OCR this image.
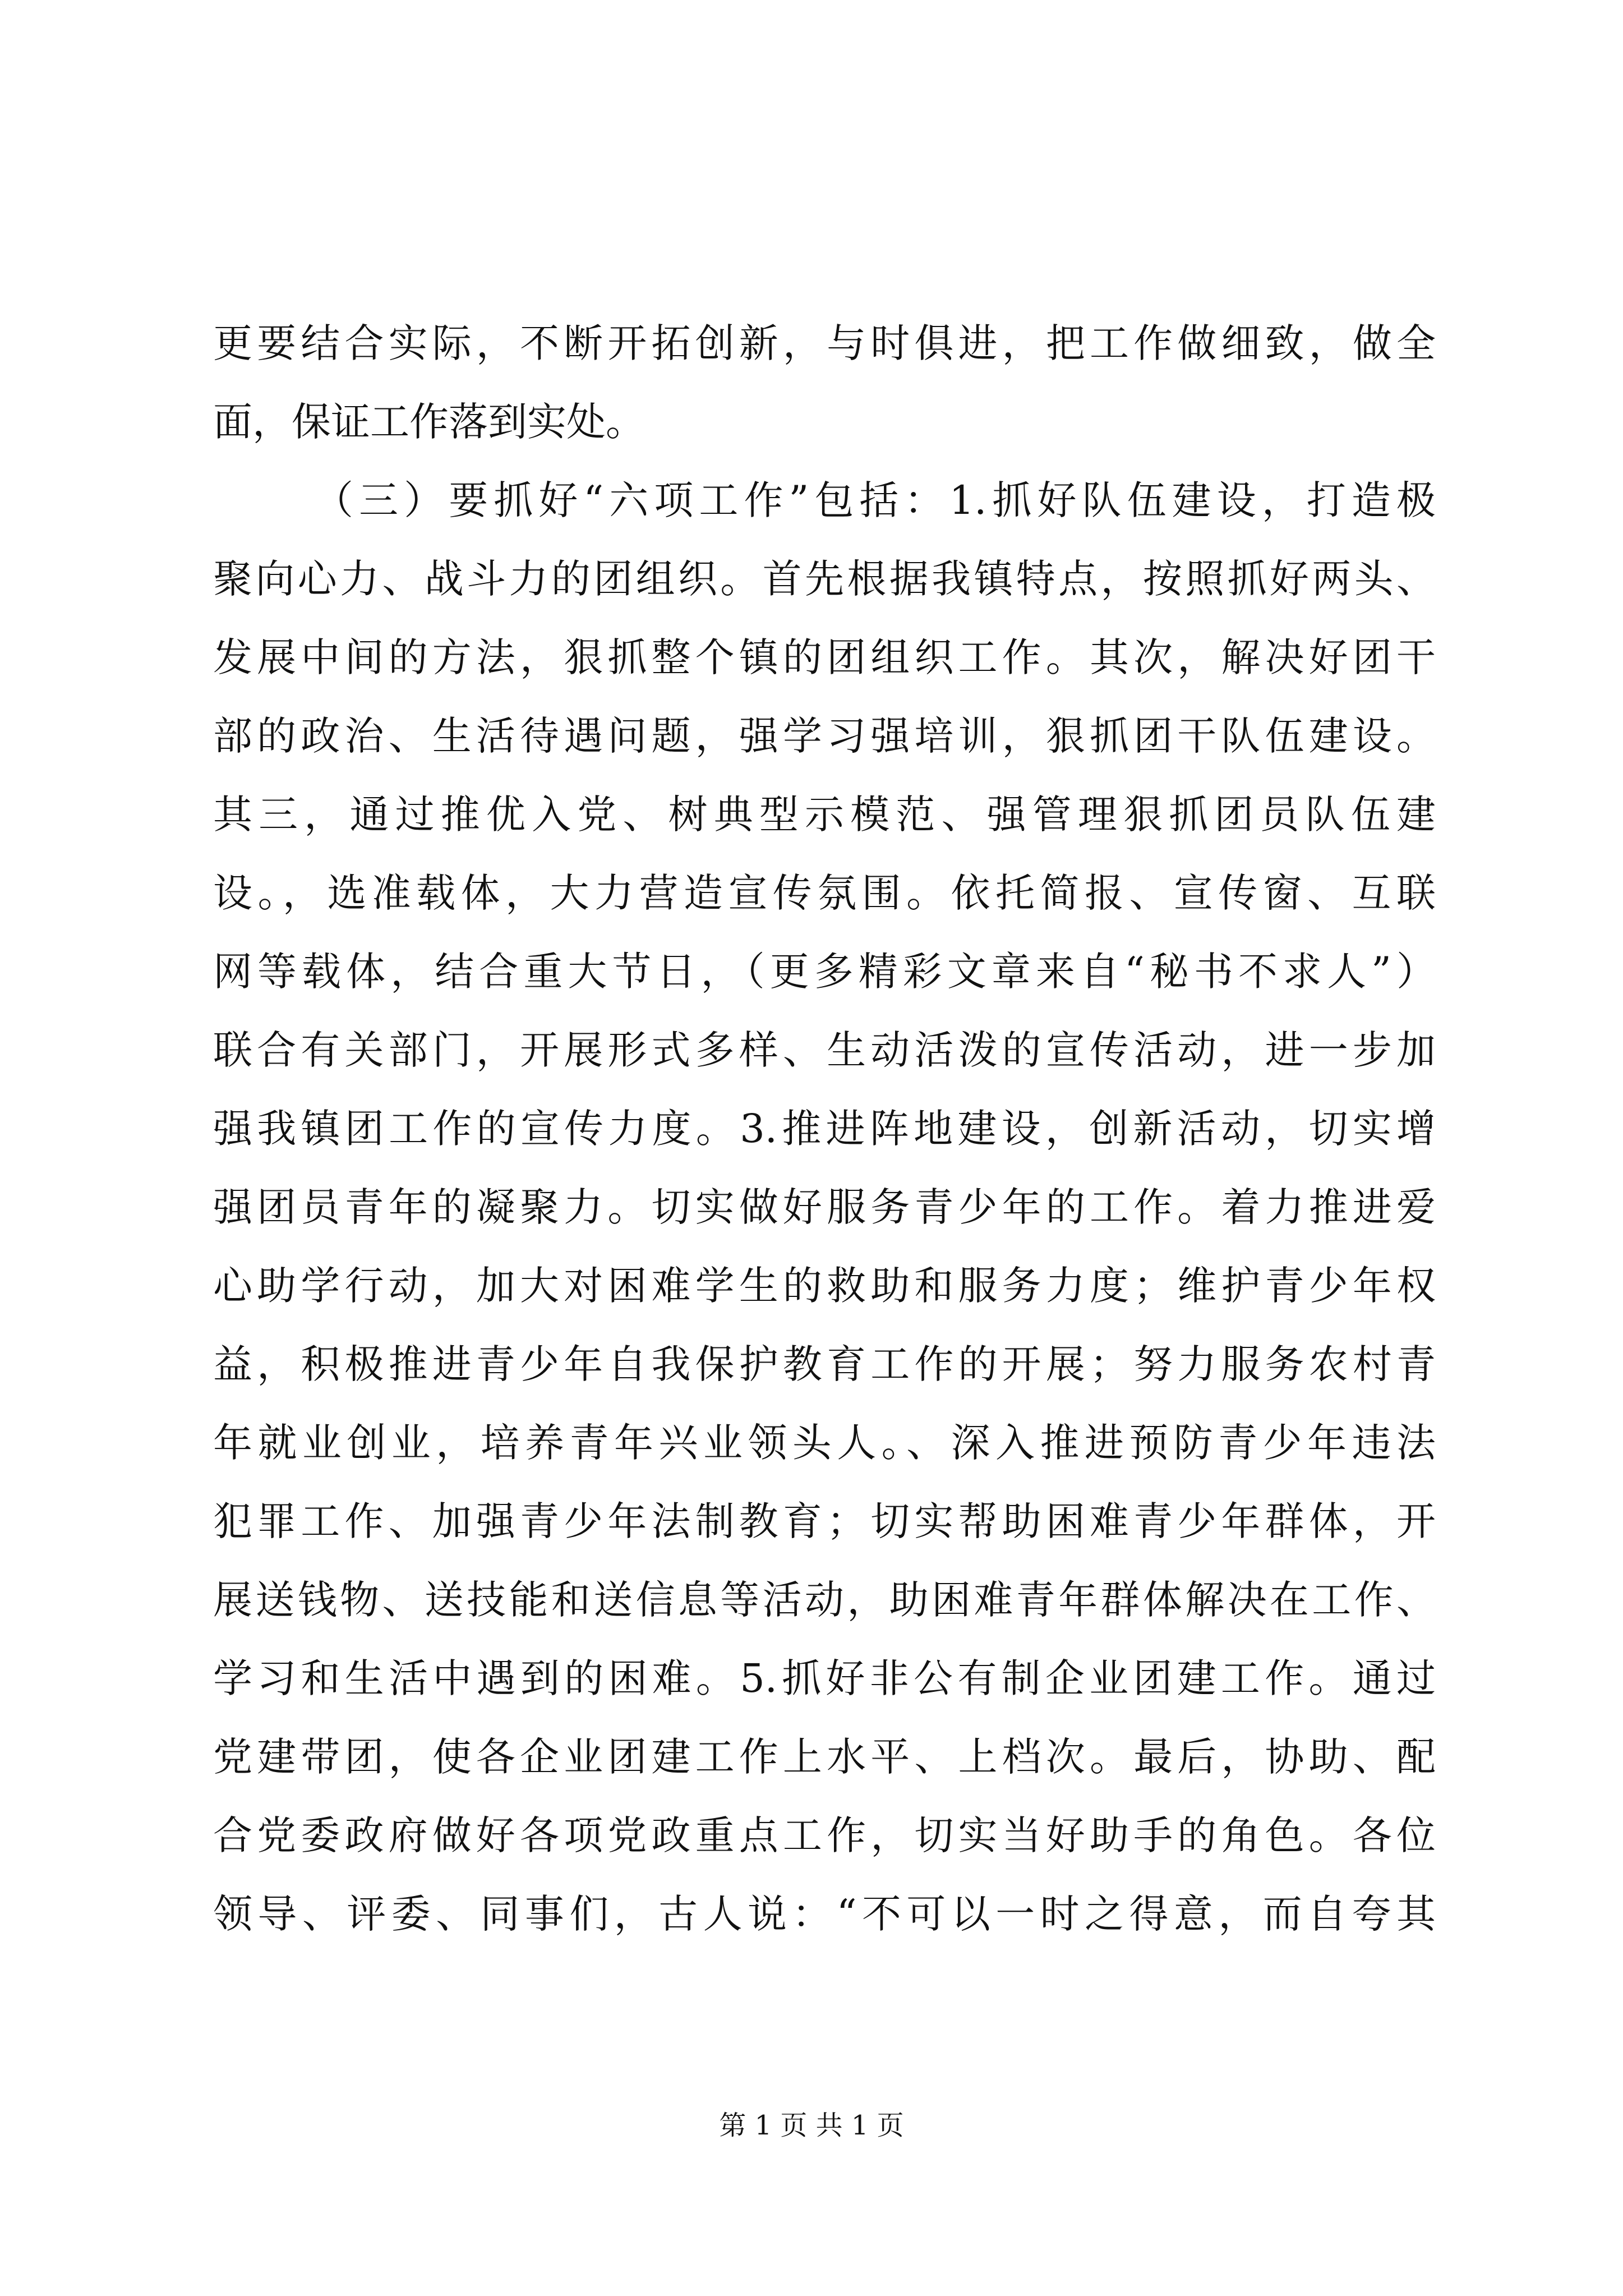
更要结合实际，不断开拓创新，与时俱进，把工作做细致，做全
面，保证工作落到实处。
（三）要抓好“六项工作”包括：1.抓好队伍建设，打造极
聚向心力、战斗力的团组织。首先根据我镇特点，按照抓好两头、
发展中间的方法，狠抓整个镇的团组织工作。其次，解决好团干
部的政治、生活待遇问题，强学习强培训，狠抓团干队伍建设。
其三，通过推优入党、树典型示模范、强管理狠抓团员队伍建
设。，选准载体，大力营造宣传氛围。依托简报、宣传窗、互联
网等载体，结合重大节日，（更多精彩文章来自“秘书不求人”）
联合有关部门，开展形式多样、生动活泼的宣传活动，进一步加
强我镇团工作的宣传力度。3.推进阵地建设，创新活动，切实增
强团员青年的凝聚力。切实做好服务青少年的工作。着力推进爱
心助学行动，加大对困难学生的救助和服务力度；维护青少年权
益，积极推进青少年自我保护教育工作的开展；努力服务农村青
年就业创业，培养青年兴业领头人。、深入推进预防青少年违法
犯罪工作、加强青少年法制教育；切实帮助困难青少年群体，开
展送钱物、送技能和送信息等活动，助困难青年群体解决在工作、
学习和生活中遇到的困难。5.抓好非公有制企业团建工作。通过
党建带团，使各企业团建工作上水平、上档次。最后，协助、配
合党委政府做好各项党政重点工作，切实当好助手的角色。各位
领导、评委、同事们，古人说：“不可以一时之得意，而自夸其
第 1 页 共 1 页
